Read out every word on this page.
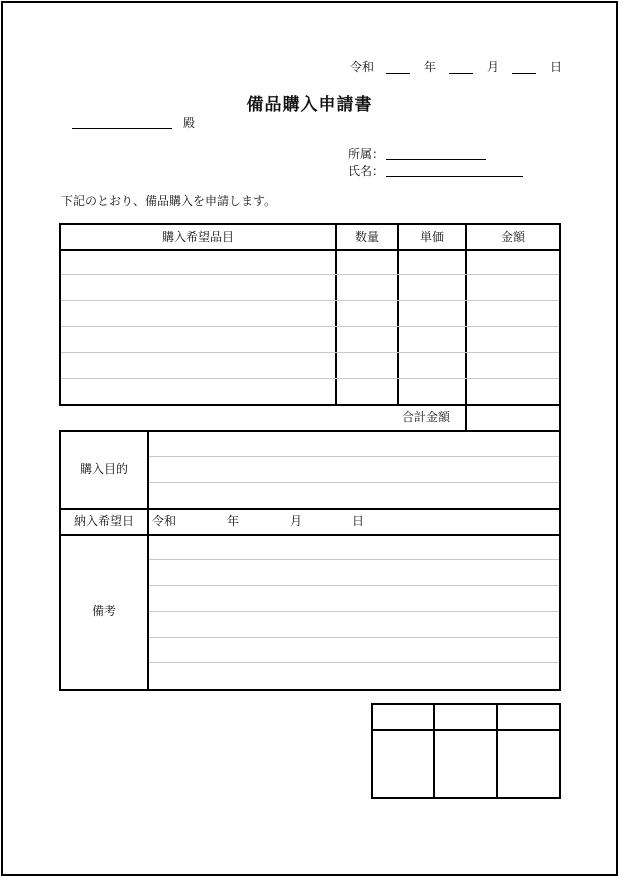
令和	年	月	日
備品購入申請書
殿
所属：
氏名：
下記のとおり、備品購入を申請します。
購入希望品目	数量	単価	金額
合計金額
購入目的
納入希望日	令和	年	月	日
備考
